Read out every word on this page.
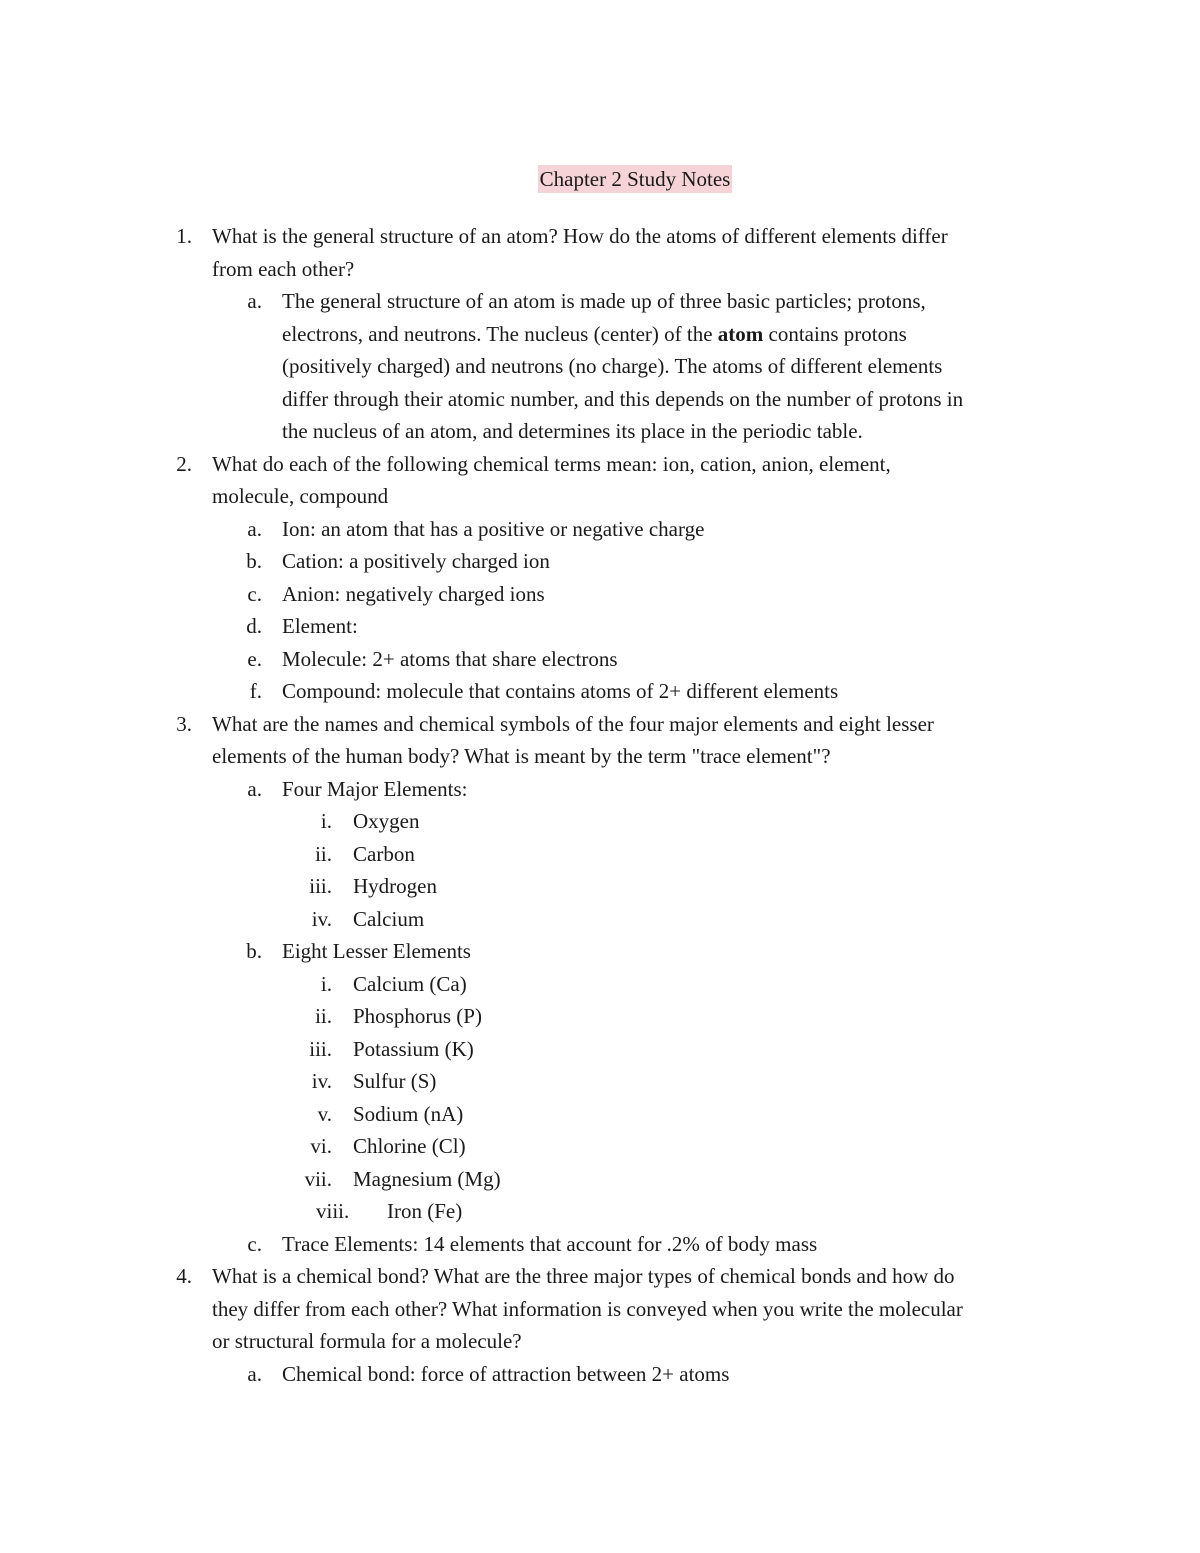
Chapter 2 Study Notes
1. What is the general structure of an atom? How do the atoms of different elements differ
from each other?
a. The general structure of an atom is made up of three basic particles; protons,
electrons, and neutrons. The nucleus (center) of the atom contains protons
(positively charged) and neutrons (no charge). The atoms of different elements
differ through their atomic number, and this depends on the number of protons in
the nucleus of an atom, and determines its place in the periodic table.
2. What do each of the following chemical terms mean: ion, cation, anion, element,
molecule, compound
a. Ion: an atom that has a positive or negative charge
b. Cation: a positively charged ion
c. Anion: negatively charged ions
d. Element:
e. Molecule: 2+ atoms that share electrons
f. Compound: molecule that contains atoms of 2+ different elements
3. What are the names and chemical symbols of the four major elements and eight lesser
elements of the human body? What is meant by the term "trace element"?
a. Four Major Elements:
i. Oxygen
ii. Carbon
iii. Hydrogen
iv. Calcium
b. Eight Lesser Elements
i. Calcium (Ca)
ii. Phosphorus (P)
iii. Potassium (K)
iv. Sulfur (S)
v. Sodium (nA)
vi. Chlorine (Cl)
vii. Magnesium (Mg)
viii.	Iron (Fe)
c. Trace Elements: 14 elements that account for .2% of body mass
4. What is a chemical bond? What are the three major types of chemical bonds and how do
they differ from each other? What information is conveyed when you write the molecular
or structural formula for a molecule?
a. Chemical bond: force of attraction between 2+ atoms
